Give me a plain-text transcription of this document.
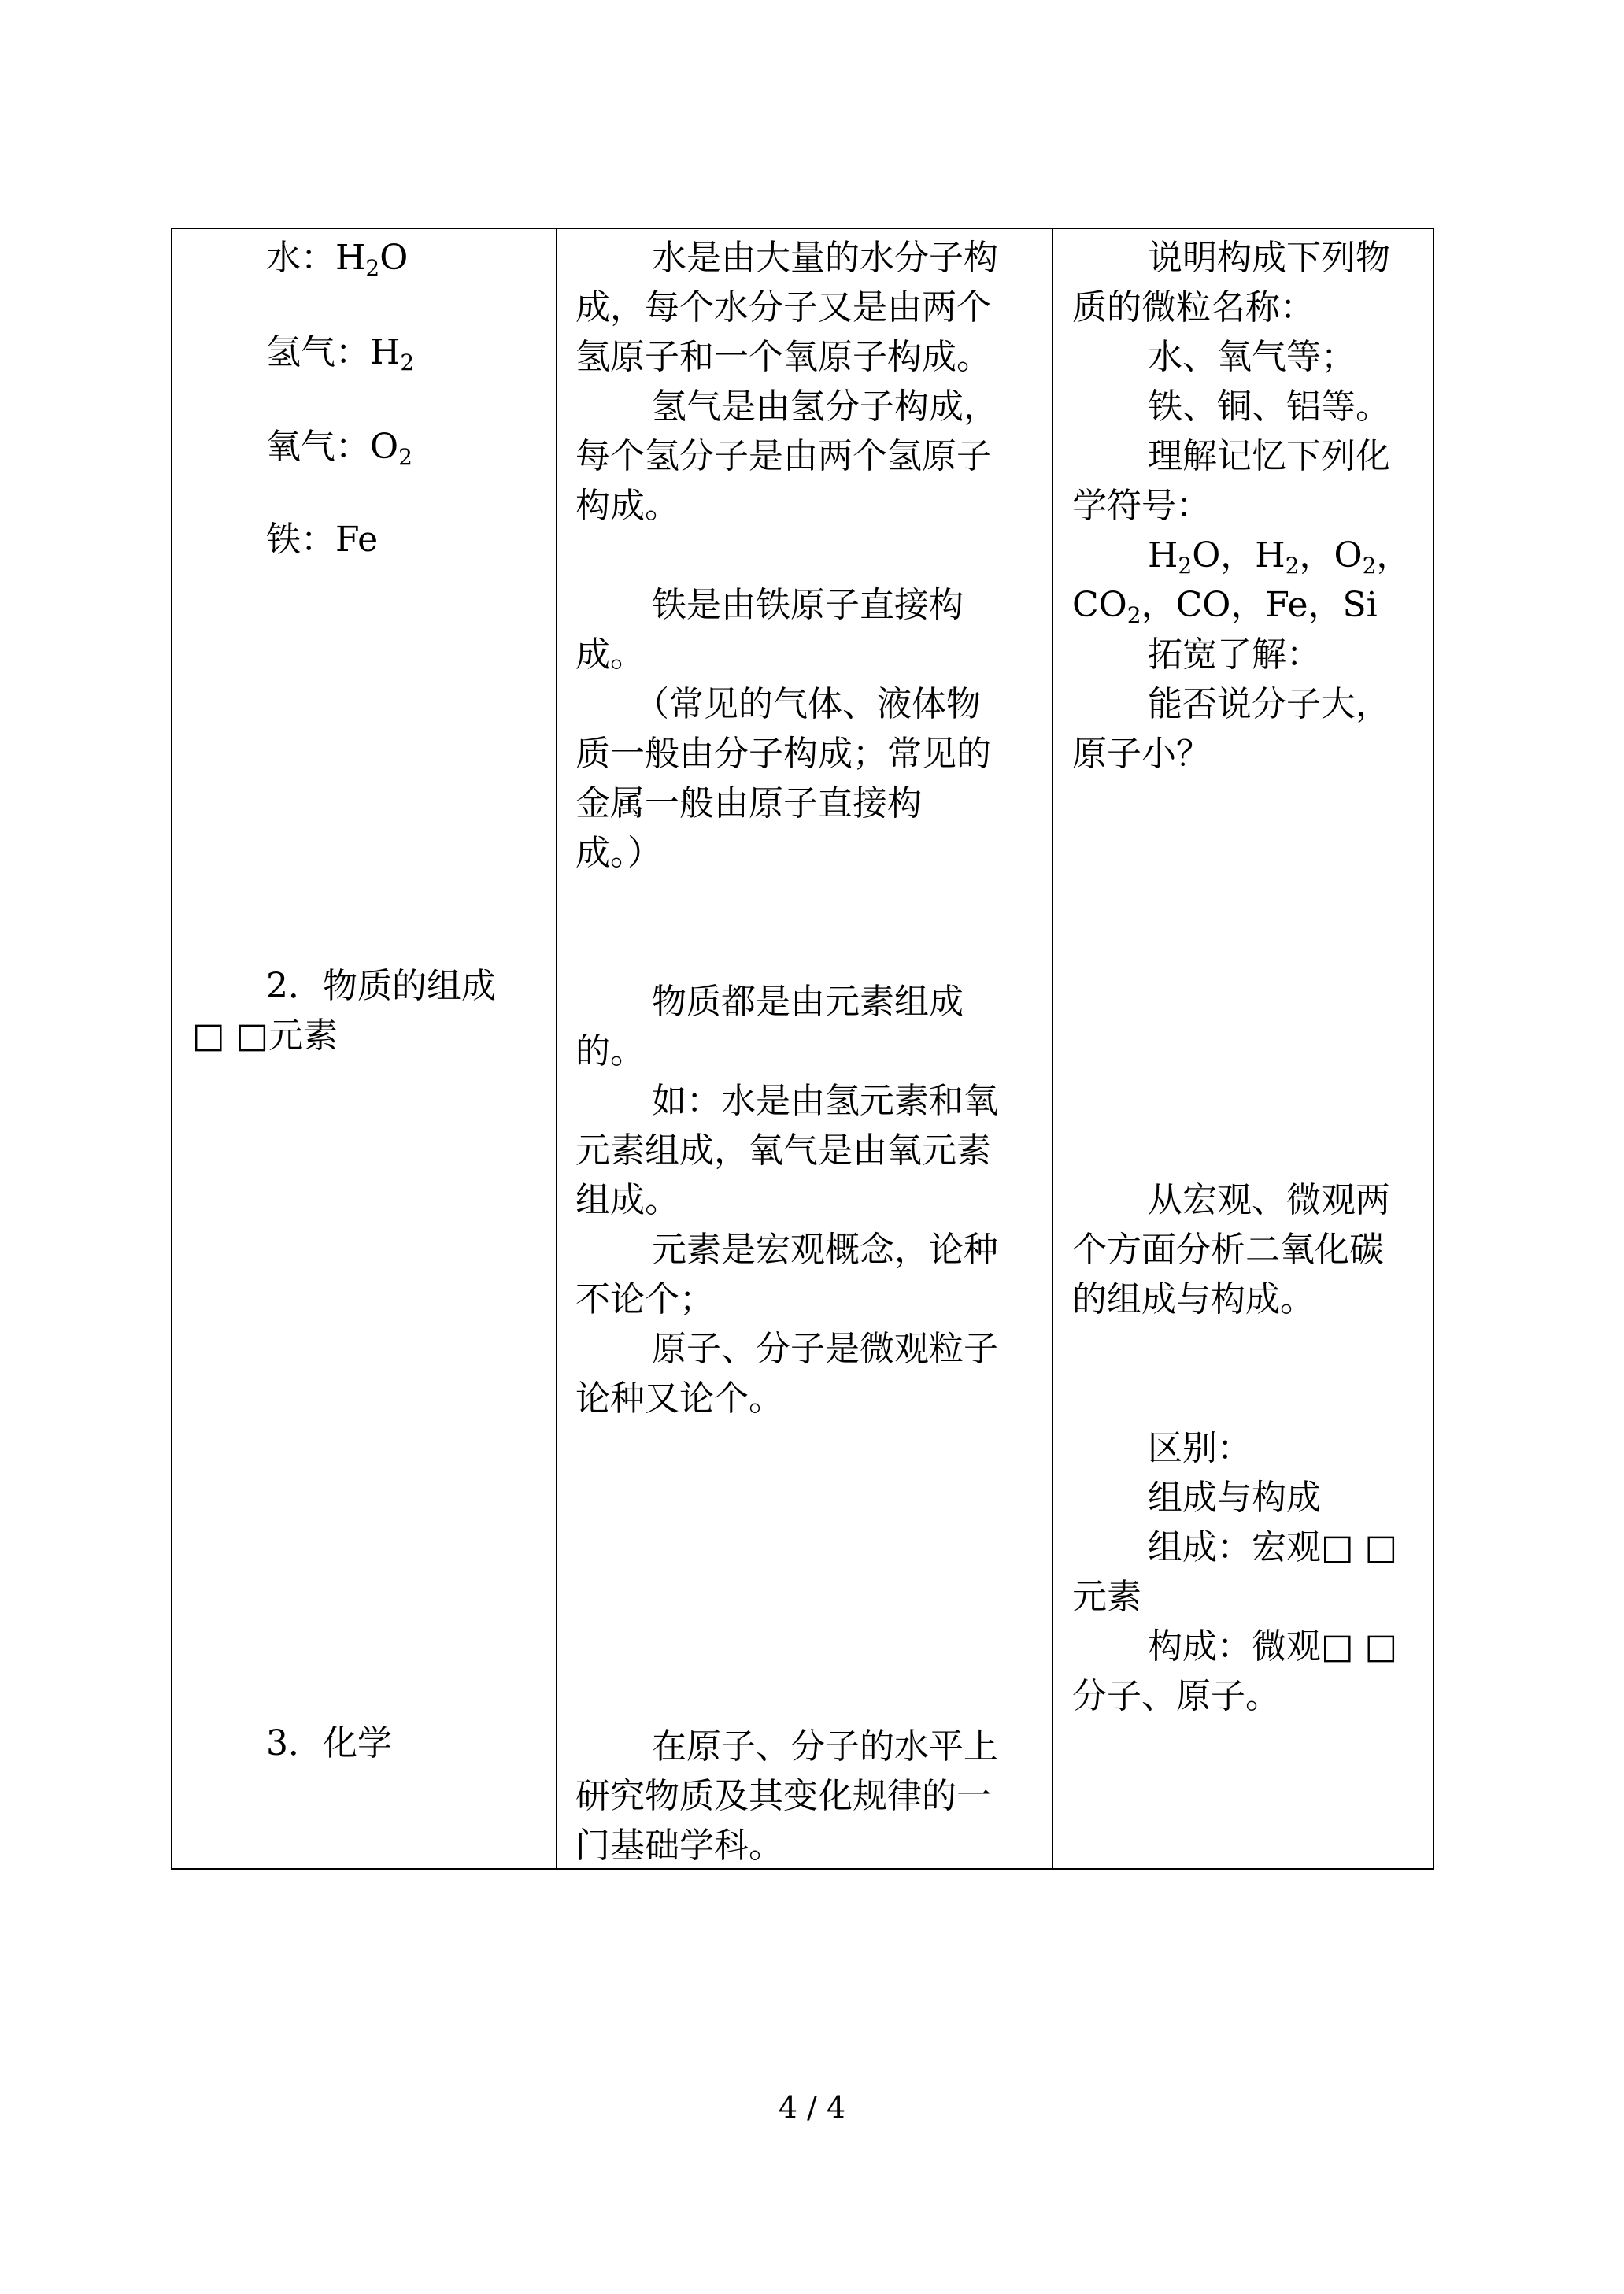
水：$H_2O$
氢气：$H_2$
氧气：$O_2$
铁：Fe
2．物质的组成
□ □元素
3．化学
水是由大量的水分子构
成，每个水分子又是由两个
氢原子和一个氧原子构成。
氢气是由氢分子构成，
每个氢分子是由两个氢原子
构成。
铁是由铁原子直接构
成。
（常见的气体、液体物
质一般由分子构成；常见的
金属一般由原子直接构
成。）
物质都是由元素组成
的。
如：水是由氢元素和氧
元素组成，氧气是由氧元素
组成。
元素是宏观概念，论种
不论个；
原子、分子是微观粒子
论种又论个。
在原子、分子的水平上
研究物质及其变化规律的一
门基础学科。
说明构成下列物
质的微粒名称：
水、氧气等；
铁、铜、铝等。
理解记忆下列化
学符号：
$H_2O$，$H_2$，$O_2$，
$CO_2$，CO，Fe，Si
拓宽了解：
能否说分子大，
原子小？
从宏观、微观两
个方面分析二氧化碳
的组成与构成。
区别：
组成与构成
组成：宏观□ □
元素
构成：微观□ □
分子、原子。
4 / 4
